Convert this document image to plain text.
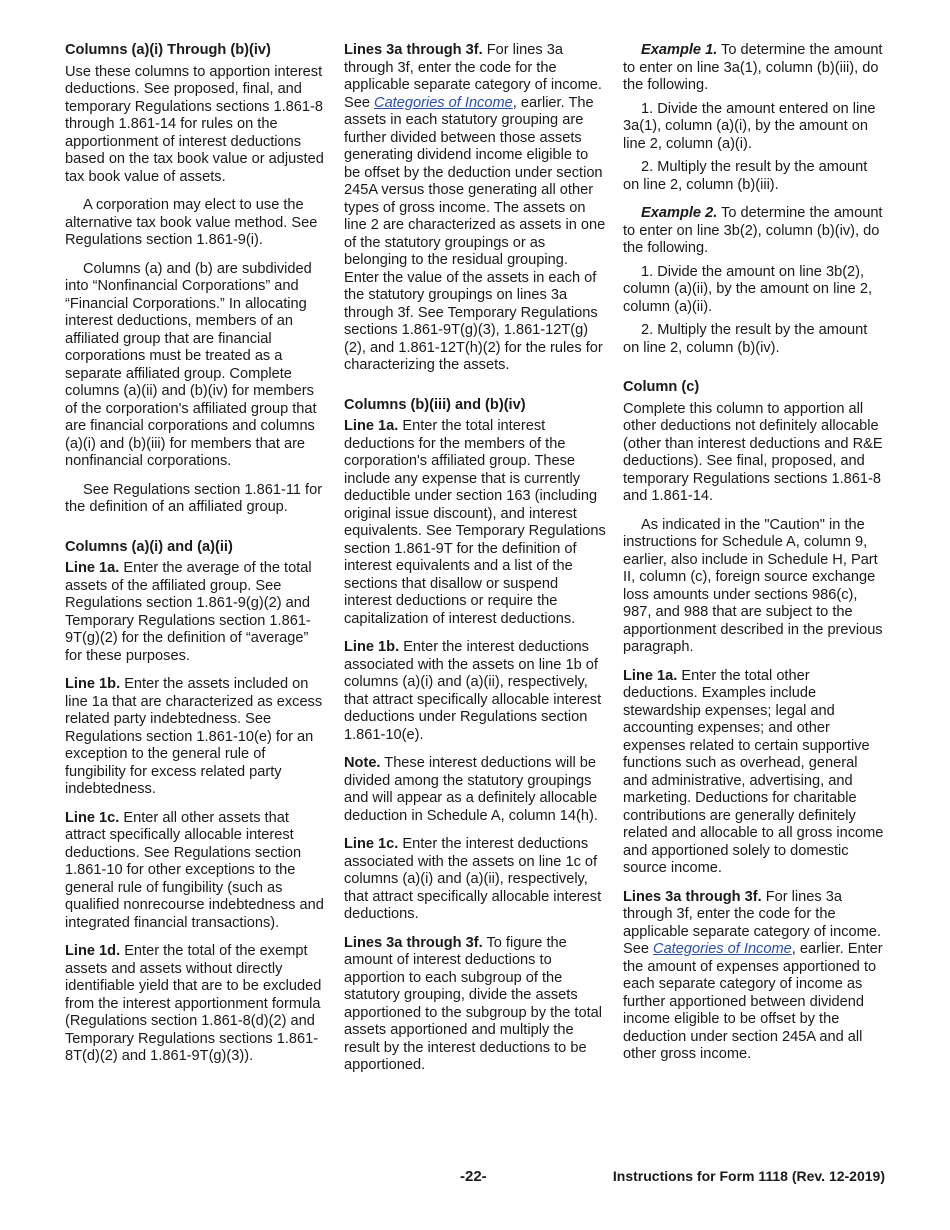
Columns (a)(i) Through (b)(iv)

Use these columns to apportion interest deductions. See proposed, final, and temporary Regulations sections 1.861-8 through 1.861-14 for rules on the apportionment of interest deductions based on the tax book value or adjusted tax book value of assets.

A corporation may elect to use the alternative tax book value method. See Regulations section 1.861-9(i).

Columns (a) and (b) are subdivided into “Nonfinancial Corporations” and “Financial Corporations.” In allocating interest deductions, members of an affiliated group that are financial corporations must be treated as a separate affiliated group. Complete columns (a)(ii) and (b)(iv) for members of the corporation's affiliated group that are financial corporations and columns (a)(i) and (b)(iii) for members that are nonfinancial corporations.

See Regulations section 1.861-11 for the definition of an affiliated group.

Columns (a)(i) and (a)(ii)

Line 1a. Enter the average of the total assets of the affiliated group. See Regulations section 1.861-9(g)(2) and Temporary Regulations section 1.861-9T(g)(2) for the definition of “average” for these purposes.

Line 1b. Enter the assets included on line 1a that are characterized as excess related party indebtedness. See Regulations section 1.861-10(e) for an exception to the general rule of fungibility for excess related party indebtedness.

Line 1c. Enter all other assets that attract specifically allocable interest deductions. See Regulations section 1.861-10 for other exceptions to the general rule of fungibility (such as qualified nonrecourse indebtedness and integrated financial transactions).

Line 1d. Enter the total of the exempt assets and assets without directly identifiable yield that are to be excluded from the interest apportionment formula (Regulations section 1.861-8(d)(2) and Temporary Regulations sections 1.861-8T(d)(2) and 1.861-9T(g)(3)).

Lines 3a through 3f. For lines 3a through 3f, enter the code for the applicable separate category of income. See Categories of Income, earlier. The assets in each statutory grouping are further divided between those assets generating dividend income eligible to be offset by the deduction under section 245A versus those generating all other types of gross income. The assets on line 2 are characterized as assets in one of the statutory groupings or as belonging to the residual grouping. Enter the value of the assets in each of the statutory groupings on lines 3a through 3f. See Temporary Regulations sections 1.861-9T(g)(3), 1.861-12T(g)(2), and 1.861-12T(h)(2) for the rules for characterizing the assets.

Columns (b)(iii) and (b)(iv)

Line 1a. Enter the total interest deductions for the members of the corporation's affiliated group. These include any expense that is currently deductible under section 163 (including original issue discount), and interest equivalents. See Temporary Regulations section 1.861-9T for the definition of interest equivalents and a list of the sections that disallow or suspend interest deductions or require the capitalization of interest deductions.

Line 1b. Enter the interest deductions associated with the assets on line 1b of columns (a)(i) and (a)(ii), respectively, that attract specifically allocable interest deductions under Regulations section 1.861-10(e).

Note. These interest deductions will be divided among the statutory groupings and will appear as a definitely allocable deduction in Schedule A, column 14(h).

Line 1c. Enter the interest deductions associated with the assets on line 1c of columns (a)(i) and (a)(ii), respectively, that attract specifically allocable interest deductions.

Lines 3a through 3f. To figure the amount of interest deductions to apportion to each subgroup of the statutory grouping, divide the assets apportioned to the subgroup by the total assets apportioned and multiply the result by the interest deductions to be apportioned.

Example 1. To determine the amount to enter on line 3a(1), column (b)(iii), do the following.

1. Divide the amount entered on line 3a(1), column (a)(i), by the amount on line 2, column (a)(i).

2. Multiply the result by the amount on line 2, column (b)(iii).

Example 2. To determine the amount to enter on line 3b(2), column (b)(iv), do the following.

1. Divide the amount on line 3b(2), column (a)(ii), by the amount on line 2, column (a)(ii).

2. Multiply the result by the amount on line 2, column (b)(iv).

Column (c)

Complete this column to apportion all other deductions not definitely allocable (other than interest deductions and R&E deductions). See final, proposed, and temporary Regulations sections 1.861-8 and 1.861-14.

As indicated in the "Caution" in the instructions for Schedule A, column 9, earlier, also include in Schedule H, Part II, column (c), foreign source exchange loss amounts under sections 986(c), 987, and 988 that are subject to the apportionment described in the previous paragraph.

Line 1a. Enter the total other deductions. Examples include stewardship expenses; legal and accounting expenses; and other expenses related to certain supportive functions such as overhead, general and administrative, advertising, and marketing. Deductions for charitable contributions are generally definitely related and allocable to all gross income and apportioned solely to domestic source income.

Lines 3a through 3f. For lines 3a through 3f, enter the code for the applicable separate category of income. See Categories of Income, earlier. Enter the amount of expenses apportioned to each separate category of income as further apportioned between dividend income eligible to be offset by the deduction under section 245A and all other gross income.

-22-	Instructions for Form 1118 (Rev. 12-2019)
